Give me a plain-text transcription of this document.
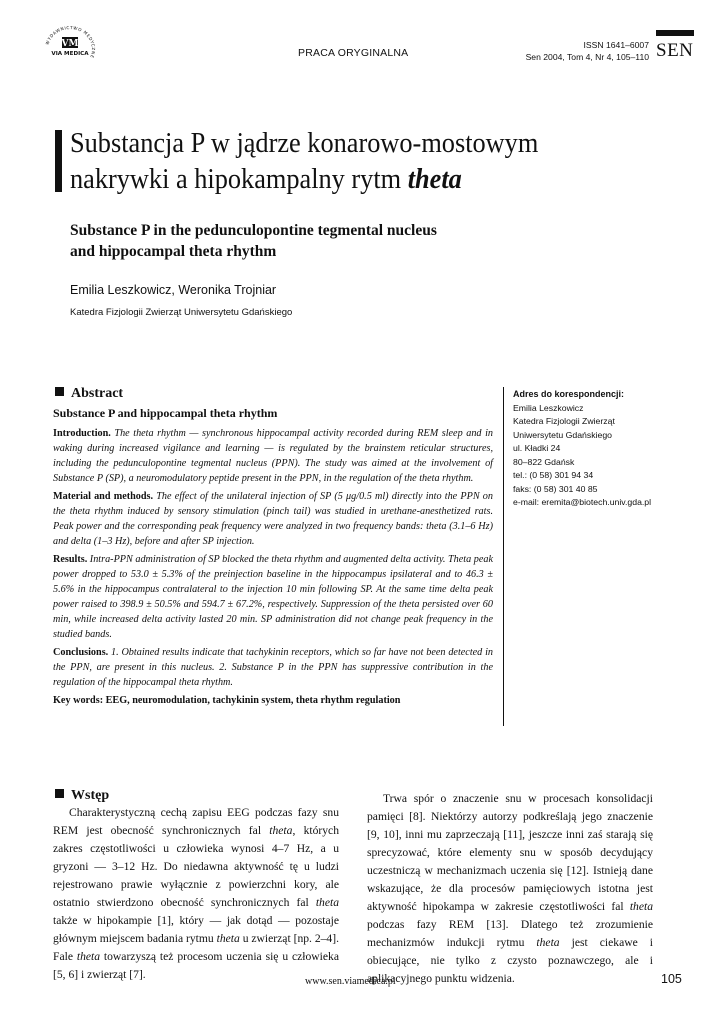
WYDAWNICTWO MEDYCZNE
VM
VIA MEDICA	PRACA ORYGINALNA
ISSN 1641–6007
Sen 2004, Tom 4, Nr 4, 105–110 SEN
Substancja P w jądrze konarowo-mostowym
nakrywki a hipokampalny rytm theta
Substance P in the pedunculopontine tegmental nucleus
and hippocampal theta rhythm
Emilia Leszkowicz, Weronika Trojniar
Katedra Fizjologii Zwierząt Uniwersytetu Gdańskiego
Abstract
Substance P and hippocampal theta rhythm

Introduction. The theta rhythm — synchronous hippocampal activity recorded during REM sleep and in waking during increased vigilance and learning — is regulated by the brainstem reticular structures, including the pedunculopontine tegmental nucleus (PPN). The study was aimed at the involvement of Substance P (SP), a neuromodulatory peptide present in the PPN, in the regulation of the theta rhythm.

Material and methods. The effect of the unilateral injection of SP (5 μg/0.5 ml) directly into the PPN on the theta rhythm induced by sensory stimulation (pinch tail) was studied in urethane-anesthetized rats. Peak power and the corresponding peak frequency were analyzed in two frequency bands: theta (3.1–6 Hz) and delta (1–3 Hz), before and after SP injection.

Results. Intra-PPN administration of SP blocked the theta rhythm and augmented delta activity. Theta peak power dropped to 53.0 ± 5.3% of the preinjection baseline in the hippocampus ipsilateral and to 46.3 ± 5.6% in the hippocampus contralateral to the injection 10 min following SP. At the same time delta peak power raised to 398.9 ± 50.5% and 594.7 ± 67.2%, respectively. Suppression of the theta persisted over 60 min, while increased delta activity lasted 20 min. SP administration did not change peak frequency in the studied bands.

Conclusions. 1. Obtained results indicate that tachykinin receptors, which so far have not been detected in the PPN, are present in this nucleus. 2. Substance P in the PPN has suppressive contribution in the regulation of the hippocampal theta rhythm.

Key words: EEG, neuromodulation, tachykinin system, theta rhythm regulation

Adres do korespondencji:
Emilia Leszkowicz
Katedra Fizjologii Zwierząt
Uniwersytetu Gdańskiego
ul. Kładki 24
80–822 Gdańsk
tel.: (0 58) 301 94 34
faks: (0 58) 301 40 85
e-mail: eremita@biotech.univ.gda.pl
Wstęp

Charakterystyczną cechą zapisu EEG podczas fazy snu REM jest obecność synchronicznych fal theta, których zakres częstotliwości u człowieka wynosi 4–7 Hz, a u gryzoni — 3–12 Hz. Do niedawna aktywność tę u ludzi rejestrowano prawie wyłącznie z powierzchni kory, ale ostatnio stwierdzono obecność synchronicznych fal theta także w hipokampie [1], który — jak dotąd — pozostaje głównym miejscem badania rytmu theta u zwierząt [np. 2–4]. Fale theta towarzyszą też procesom uczenia się u człowieka [5, 6] i zwierząt [7].

Trwa spór o znaczenie snu w procesach konsolidacji pamięci [8]. Niektórzy autorzy podkreślają jego znaczenie [9, 10], inni mu zaprzeczają [11], jeszcze inni zaś starają się sprecyzować, które elementy snu w sposób decydujący uczestniczą w mechanizmach uczenia się [12]. Istnieją dane wskazujące, że dla procesów pamięciowych istotna jest aktywność hipokampa w zakresie częstotliwości fal theta podczas fazy REM [13]. Dlatego też zrozumienie mechanizmów indukcji rytmu theta jest ciekawe i obiecujące, nie tylko z czysto poznawczego, ale i aplikacyjnego punktu widzenia.

www.sen.viamedica.pl	105
